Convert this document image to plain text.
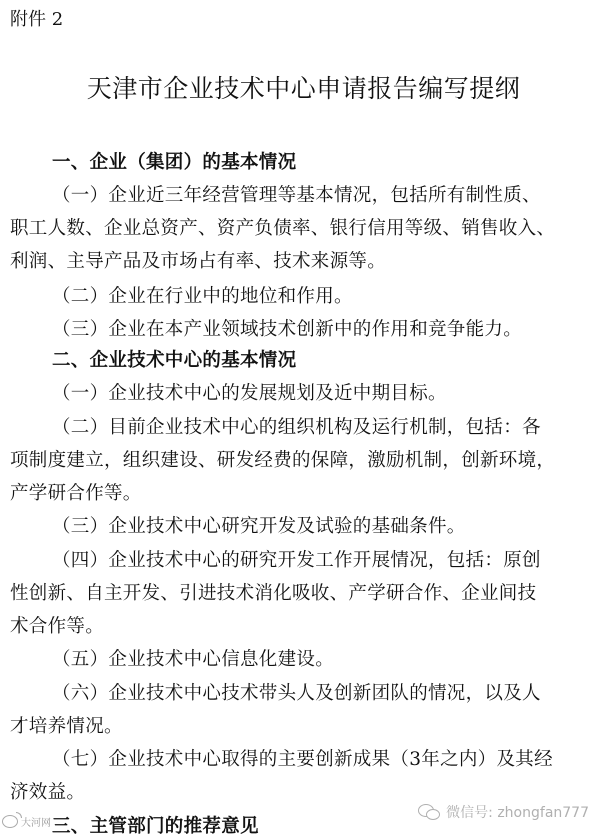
附件 2
天津市企业技术中心申请报告编写提纲
一、企业（集团）的基本情况
（一）企业近三年经营管理等基本情况，包括所有制性质、
职工人数、企业总资产、资产负债率、银行信用等级、销售收入、
利润、主导产品及市场占有率、技术来源等。
（二）企业在行业中的地位和作用。
（三）企业在本产业领域技术创新中的作用和竞争能力。
二、企业技术中心的基本情况
（一）企业技术中心的发展规划及近中期目标。
（二）目前企业技术中心的组织机构及运行机制，包括：各
项制度建立，组织建设、研发经费的保障，激励机制，创新环境，
产学研合作等。
（三）企业技术中心研究开发及试验的基础条件。
（四）企业技术中心的研究开发工作开展情况，包括：原创
性创新、自主开发、引进技术消化吸收、产学研合作、企业间技
术合作等。
（五）企业技术中心信息化建设。
（六）企业技术中心技术带头人及创新团队的情况，以及人
才培养情况。
（七）企业技术中心取得的主要创新成果（3年之内）及其经
济效益。
三、主管部门的推荐意见
大河网
微信号: zhongfan777
